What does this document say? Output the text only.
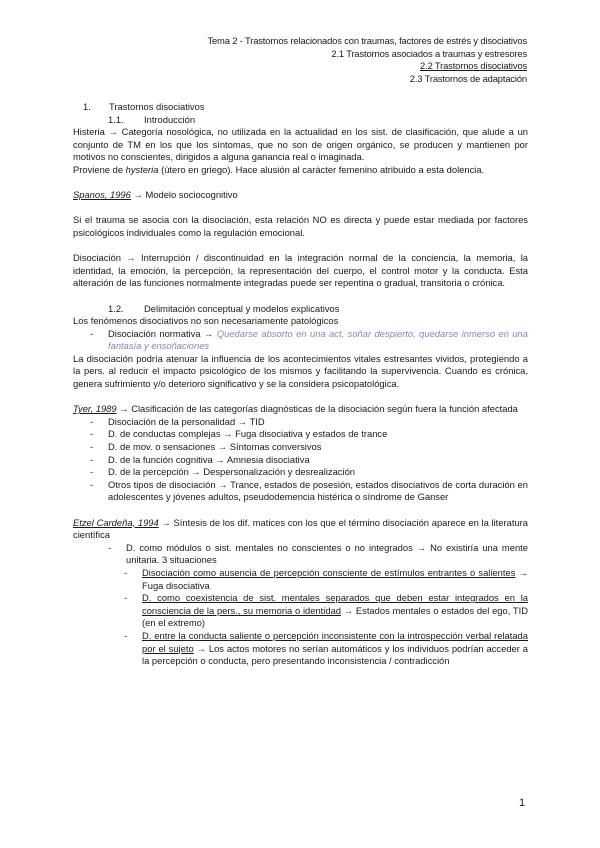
Tema 2 - Trastornos relacionados con traumas, factores de estrés y disociativos
2.1 Trastornos asociados a traumas y estresores
2.2 Trastornos disociativos
2.3 Trastornos de adaptación
1.	Trastornos disociativos
1.1.	Introducción

Histeria → Categoría nosológica, no utilizada en la actualidad en los sist. de clasificación, que alude a un conjunto de TM en los que los síntomas, que no son de origen orgánico, se producen y mantienen por motivos no conscientes, dirigidos a alguna ganancia real o imaginada.

Proviene de hysteria (útero en griego). Hace alusión al carácter femenino atribuido a esta dolencia.

Spanos, 1996 → Modelo sociocognitivo

Si el trauma se asocia con la disociación, esta relación NO es directa y puede estar mediada por factores psicológicos individuales como la regulación emocional.

Disociación → Interrupción / discontinuidad en la integración normal de la conciencia, la memoria, la identidad, la emoción, la percepción, la representación del cuerpo, el control motor y la conducta. Esta alteración de las funciones normalmente integradas puede ser repentina o gradual, transitoria o crónica.

1.2.	Delimitación conceptual y modelos explicativos

Los fenómenos disociativos no son necesariamente patológicos

-	Disociación normativa → Quedarse absorto en una act, soñar despierto, quedarse inmerso en una fantasía y ensoñaciones

La disociación podría atenuar la influencia de los acontecimientos vitales estresantes vividos, protegiendo a la pers. al reducir el impacto psicológico de los mismos y facilitando la supervivencia. Cuando es crónica, genera sufrimiento y/o deterioro significativo y se la considera psicopatológica.

Tyer, 1989 → Clasificación de las categorías diagnósticas de la disociación según fuera la función afectada

-	Disociación de la personalidad → TID
-	D. de conductas complejas → Fuga disociativa y estados de trance
-	D. de mov. o sensaciones → Síntomas conversivos
-	D. de la función cognitiva → Amnesia disociativa
-	D. de la percepción → Despersonalización y desrealización
-	Otros tipos de disociación → Trance, estados de posesión, estados disociativos de corta duración en adolescentes y jóvenes adultos, pseudodemencia histérica o síndrome de Ganser

Etzel Cardeña, 1994 → Síntesis de los dif. matices con los que el término disociación aparece en la literatura científica

-	D. como módulos o sist. mentales no conscientes o no integrados → No existiría una mente unitaria. 3 situaciones
-	Disociación como ausencia de percepción consciente de estímulos entrantes o salientes → Fuga disociativa
-	D. como coexistencia de sist. mentales separados que deben estar integrados en la consciencia de la pers., su memoria o identidad → Estados mentales o estados del ego, TID (en el extremo)
-	D. entre la conducta saliente o percepción inconsistente con la introspección verbal relatada por el sujeto → Los actos motores no serían automáticos y los individuos podrían acceder a la percepción o conducta, pero presentando inconsistencia / contradicción
1
